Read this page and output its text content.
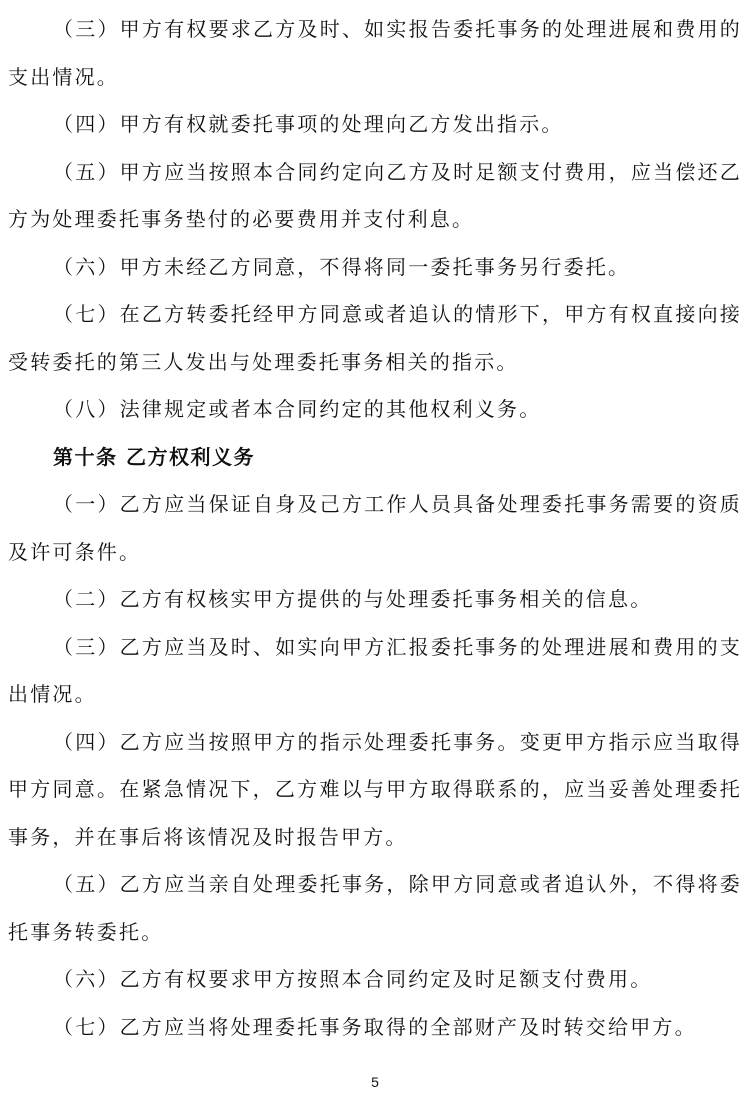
（三）甲方有权要求乙方及时、如实报告委托事务的处理进展和费用的支出情况。

（四）甲方有权就委托事项的处理向乙方发出指示。

（五）甲方应当按照本合同约定向乙方及时足额支付费用，应当偿还乙方为处理委托事务垫付的必要费用并支付利息。

（六）甲方未经乙方同意，不得将同一委托事务另行委托。

（七）在乙方转委托经甲方同意或者追认的情形下，甲方有权直接向接受转委托的第三人发出与处理委托事务相关的指示。

（八）法律规定或者本合同约定的其他权利义务。

第十条 乙方权利义务

（一）乙方应当保证自身及己方工作人员具备处理委托事务需要的资质及许可条件。

（二）乙方有权核实甲方提供的与处理委托事务相关的信息。

（三）乙方应当及时、如实向甲方汇报委托事务的处理进展和费用的支出情况。

（四）乙方应当按照甲方的指示处理委托事务。变更甲方指示应当取得甲方同意。在紧急情况下，乙方难以与甲方取得联系的，应当妥善处理委托事务，并在事后将该情况及时报告甲方。

（五）乙方应当亲自处理委托事务，除甲方同意或者追认外，不得将委托事务转委托。

（六）乙方有权要求甲方按照本合同约定及时足额支付费用。

（七）乙方应当将处理委托事务取得的全部财产及时转交给甲方。

5
